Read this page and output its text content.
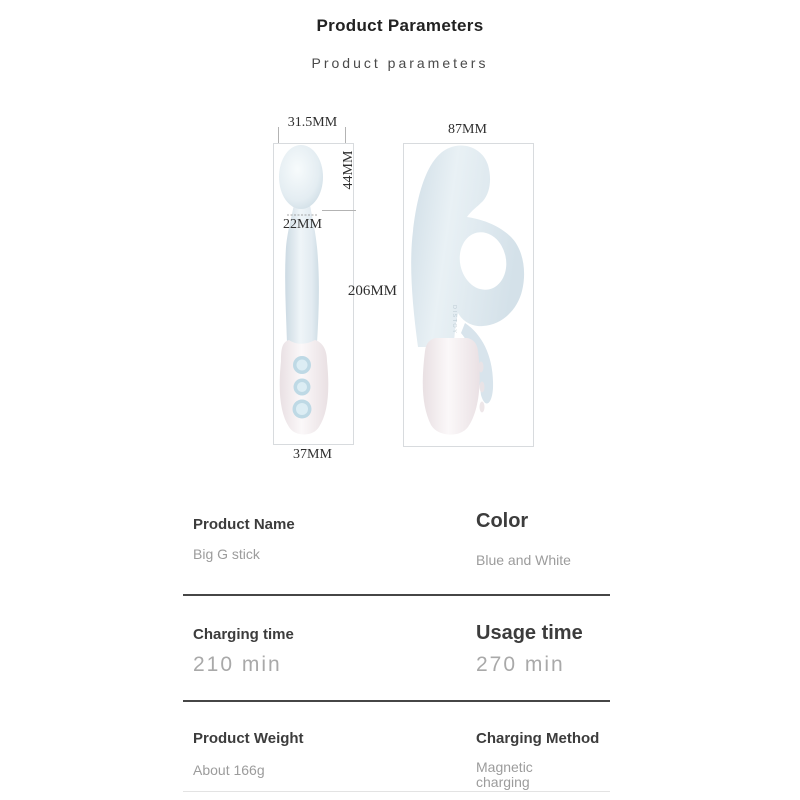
Product Parameters
Product parameters
DISTOY
31.5MM
44MM
22MM
37MM
87MM
206MM
Product Name
Big G stick
Color
Blue and White
Charging time
210 min
Usage time
270 min
Product Weight
About 166g
Charging Method
Magnetic charging
